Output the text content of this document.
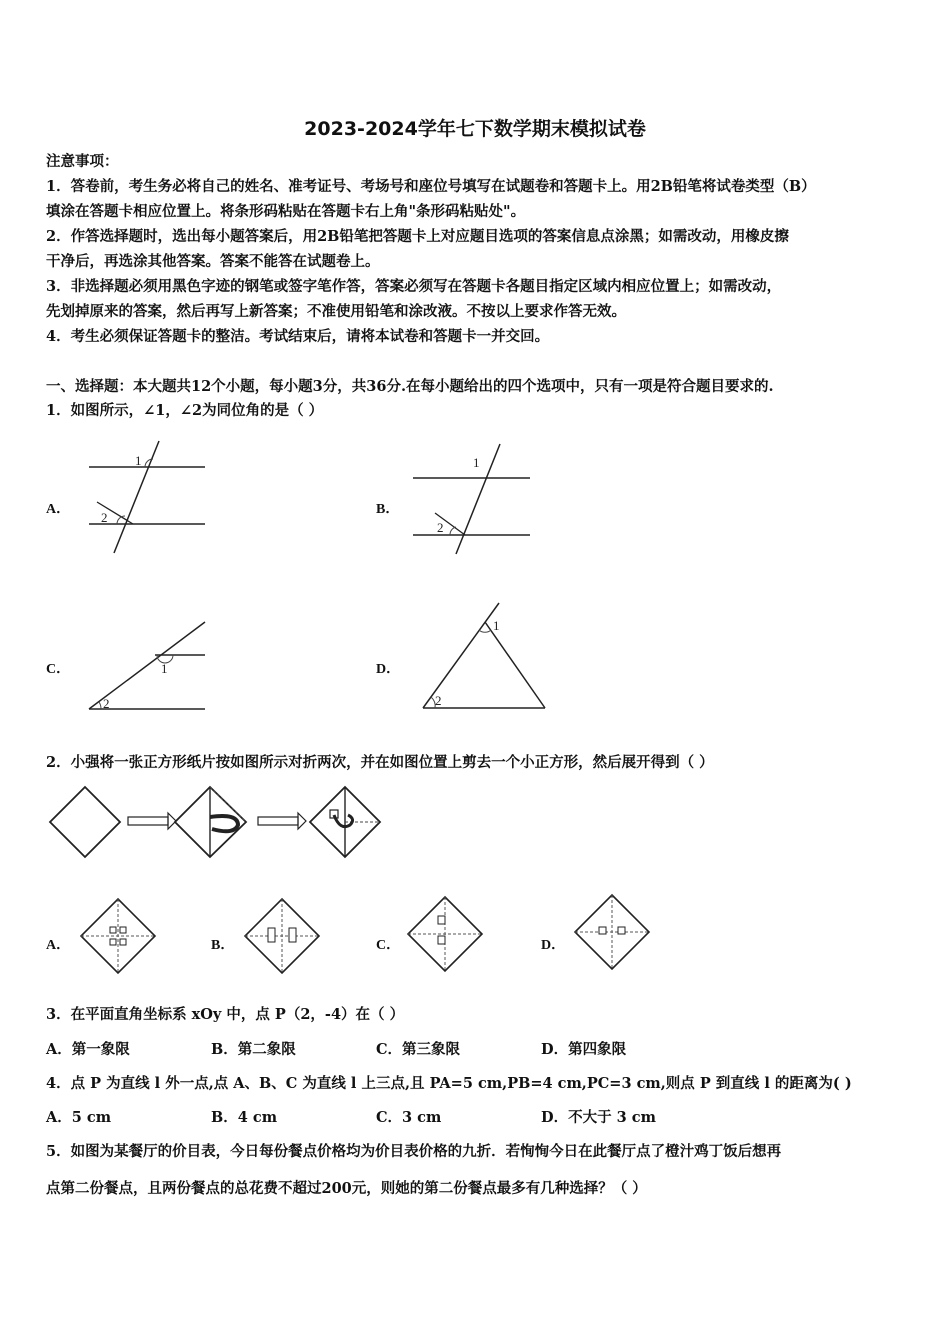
2023-2024学年七下数学期末模拟试卷
注意事项：
1．答卷前，考生务必将自己的姓名、准考证号、考场号和座位号填写在试题卷和答题卡上。用2B铅笔将试卷类型（B）
填涂在答题卡相应位置上。将条形码粘贴在答题卡右上角"条形码粘贴处"。
2．作答选择题时，选出每小题答案后，用2B铅笔把答题卡上对应题目选项的答案信息点涂黑；如需改动，用橡皮擦
干净后，再选涂其他答案。答案不能答在试题卷上。
3．非选择题必须用黑色字迹的钢笔或签字笔作答，答案必须写在答题卡各题目指定区域内相应位置上；如需改动，
先划掉原来的答案，然后再写上新答案；不准使用铅笔和涂改液。不按以上要求作答无效。
4．考生必须保证答题卡的整洁。考试结束后，请将本试卷和答题卡一并交回。
一、选择题：本大题共12个小题，每小题3分，共36分.在每小题给出的四个选项中，只有一项是符合题目要求的.
1．如图所示，∠1，∠2为同位角的是（ ）
A．
1
2
B．
1
2
C．	1
2
D．
1
2
2．小强将一张正方形纸片按如图所示对折两次，并在如图位置上剪去一个小正方形，然后展开得到（ ）
A．	B．	C．	D．
3．在平面直角坐标系 xOy 中，点 P（2，-4）在（ ）
A．第一象限	B．第二象限	C．第三象限	D．第四象限
4．点 P 为直线 l 外一点,点 A、B、C 为直线 l 上三点,且 PA=5 cm,PB=4 cm,PC=3 cm,则点 P 到直线 l 的距离为( )
A．5 cm	B．4 cm	C．3 cm	D．不大于 3 cm
5．如图为某餐厅的价目表，今日每份餐点价格均为价目表价格的九折．若恂恂今日在此餐厅点了橙汁鸡丁饭后想再
点第二份餐点，且两份餐点的总花费不超过200元，则她的第二份餐点最多有几种选择？（ ）
